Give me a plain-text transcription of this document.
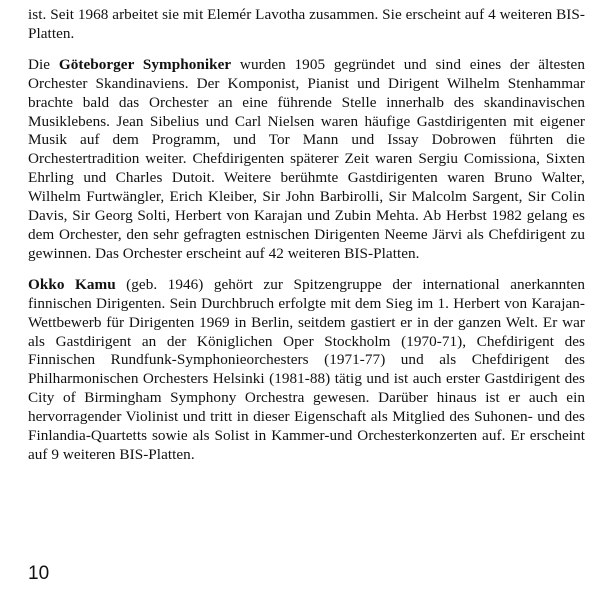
ist. Seit 1968 arbeitet sie mit Elemér Lavotha zusammen. Sie erscheint auf 4 weiteren BIS-Platten.

Die Göteborger Symphoniker wurden 1905 gegründet und sind eines der ältesten Orchester Skandinaviens. Der Komponist, Pianist und Dirigent Wilhelm Stenhammar brachte bald das Orchester an eine führende Stelle innerhalb des skandinavischen Musiklebens. Jean Sibelius und Carl Nielsen waren häufige Gastdirigenten mit eigener Musik auf dem Programm, und Tor Mann und Issay Dobrowen führten die Orchestertradition weiter. Chefdirigenten späterer Zeit waren Sergiu Comissiona, Sixten Ehrling und Charles Dutoit. Weitere berühmte Gastdirigenten waren Bruno Walter, Wilhelm Furtwängler, Erich Kleiber, Sir John Barbirolli, Sir Malcolm Sargent, Sir Colin Davis, Sir Georg Solti, Herbert von Karajan und Zubin Mehta. Ab Herbst 1982 gelang es dem Orchester, den sehr gefragten estnischen Dirigenten Neeme Järvi als Chefdirigent zu gewinnen. Das Orchester erscheint auf 42 weiteren BIS-Platten.

Okko Kamu (geb. 1946) gehört zur Spitzengruppe der international anerkannten finnischen Dirigenten. Sein Durchbruch erfolgte mit dem Sieg im 1. Herbert von Karajan-Wettbewerb für Dirigenten 1969 in Berlin, seitdem gastiert er in der ganzen Welt. Er war als Gastdirigent an der Königlichen Oper Stockholm (1970-71), Chefdirigent des Finnischen Rundfunk-Symphonieorchesters (1971-77) und als Chefdirigent des Philharmonischen Orchesters Helsinki (1981-88) tätig und ist auch erster Gastdirigent des City of Birmingham Symphony Orchestra gewesen. Darüber hinaus ist er auch ein hervorragender Violinist und tritt in dieser Eigenschaft als Mitglied des Suhonen- und des Finlandia-Quartetts sowie als Solist in Kammer-und Orchesterkonzerten auf. Er erscheint auf 9 weiteren BIS-Platten.

10
